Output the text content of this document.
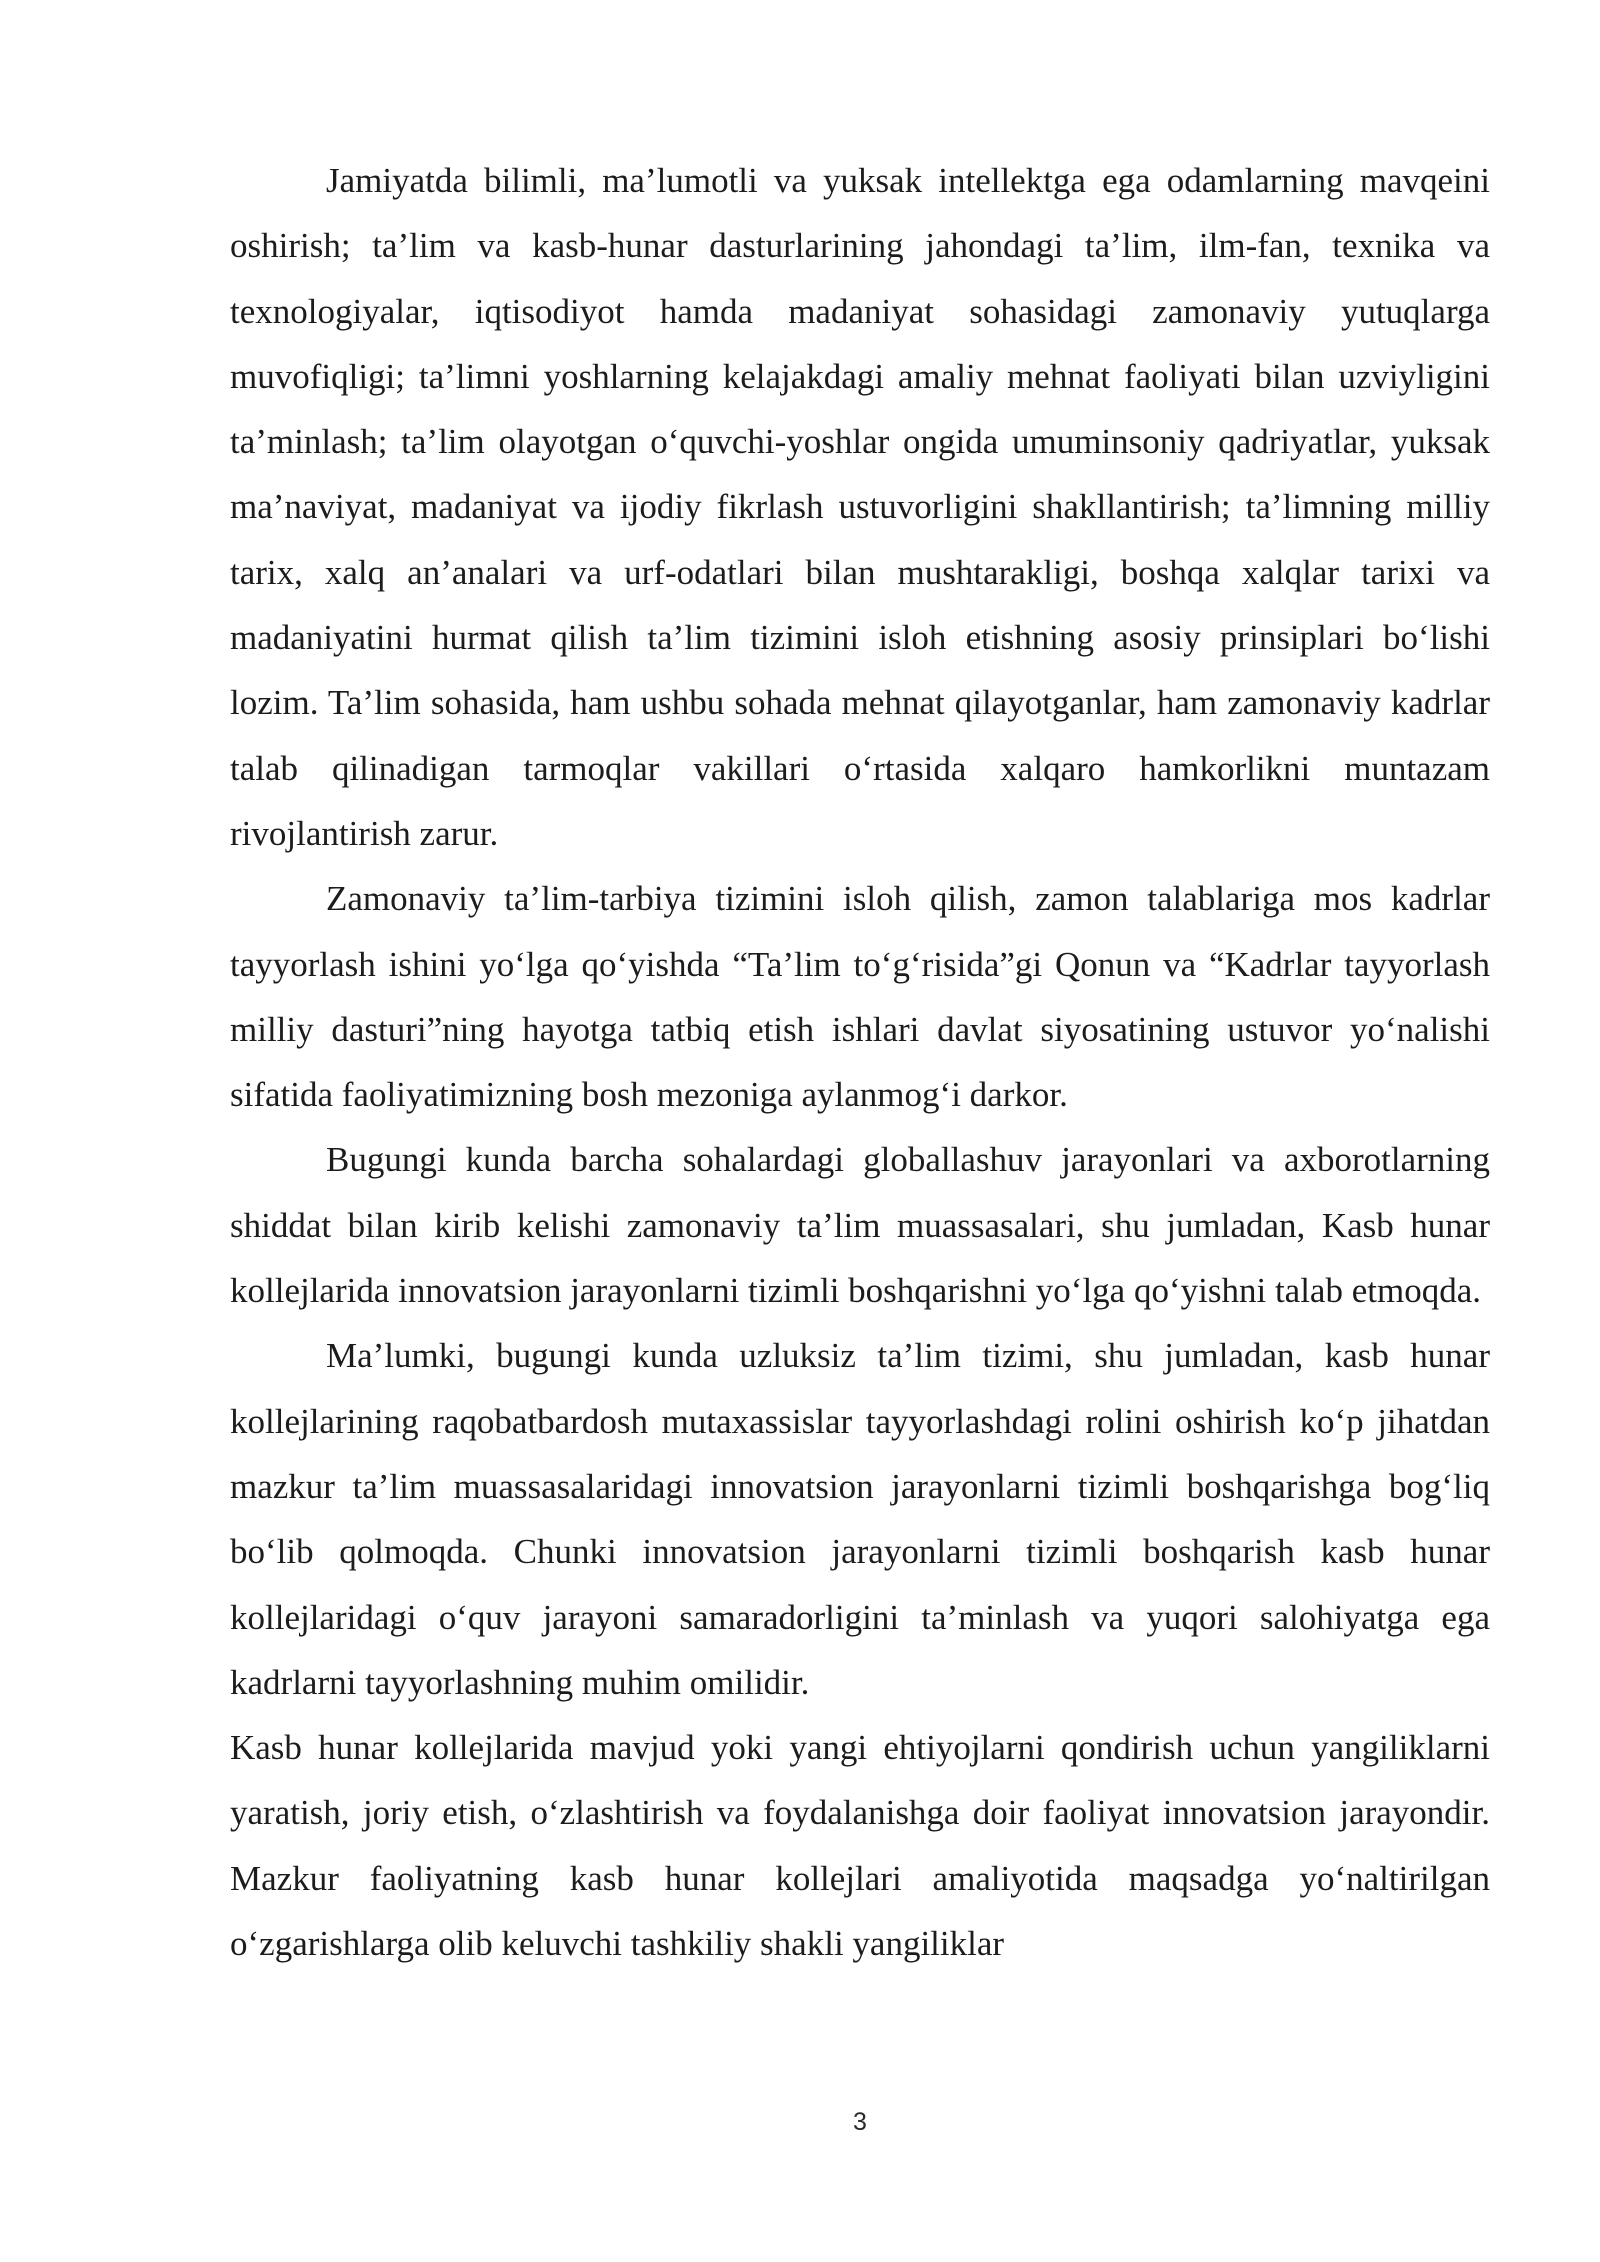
Jamiyatda bilimli, ma’lumotli va yuksak intellektga ega odamlarning mavqeini oshirish; ta’lim va kasb-hunar dasturlarining jahondagi ta’lim, ilm-fan, texnika va texnologiyalar, iqtisodiyot hamda madaniyat sohasidagi zamonaviy yutuqlarga muvofiqligi; ta’limni yoshlarning kelajakdagi amaliy mehnat faoliyati bilan uzviyligini ta’minlash; ta’lim olayotgan o‘quvchi-yoshlar ongida umuminsoniy qadriyatlar, yuksak ma’naviyat, madaniyat va ijodiy fikrlash ustuvorligini shakllantirish; ta’limning milliy tarix, xalq an’analari va urf-odatlari bilan mushtarakligi, boshqa xalqlar tarixi va madaniyatini hurmat qilish ta’lim tizimini isloh etishning asosiy prinsiplari bo‘lishi lozim. Ta’lim sohasida, ham ushbu sohada mehnat qilayotganlar, ham zamonaviy kadrlar talab qilinadigan tarmoqlar vakillari o‘rtasida xalqaro hamkorlikni muntazam rivojlantirish zarur.

Zamonaviy ta’lim-tarbiya tizimini isloh qilish, zamon talablariga mos kadrlar tayyorlash ishini yo‘lga qo‘yishda “Ta’lim to‘g‘risida”gi Qonun va “Kadrlar tayyorlash milliy dasturi”ning hayotga tatbiq etish ishlari davlat siyosatining ustuvor yo‘nalishi sifatida faoliyatimizning bosh mezoniga aylanmog‘i darkor.

Bugungi kunda barcha sohalardagi globallashuv jarayonlari va axborotlarning shiddat bilan kirib kelishi zamonaviy ta’lim muassasalari, shu jumladan, Kasb hunar kollejlarida innovatsion jarayonlarni tizimli boshqarishni yo‘lga qo‘yishni talab etmoqda.

Ma’lumki, bugungi kunda uzluksiz ta’lim tizimi, shu jumladan, kasb hunar kollejlarining raqobatbardosh mutaxassislar tayyorlashdagi rolini oshirish ko‘p jihatdan mazkur ta’lim muassasalaridagi innovatsion jarayonlarni tizimli boshqarishga bog‘liq bo‘lib qolmoqda. Chunki innovatsion jarayonlarni tizimli boshqarish kasb hunar kollejlaridagi o‘quv jarayoni samaradorligini ta’minlash va yuqori salohiyatga ega kadrlarni tayyorlashning muhim omilidir.

Kasb hunar kollejlarida mavjud yoki yangi ehtiyojlarni qondirish uchun yangiliklarni yaratish, joriy etish, o‘zlashtirish va foydalanishga doir faoliyat innovatsion jarayondir. Mazkur faoliyatning kasb hunar kollejlari amaliyotida maqsadga yo‘naltirilgan o‘zgarishlarga olib keluvchi tashkiliy shakli yangiliklar

3
